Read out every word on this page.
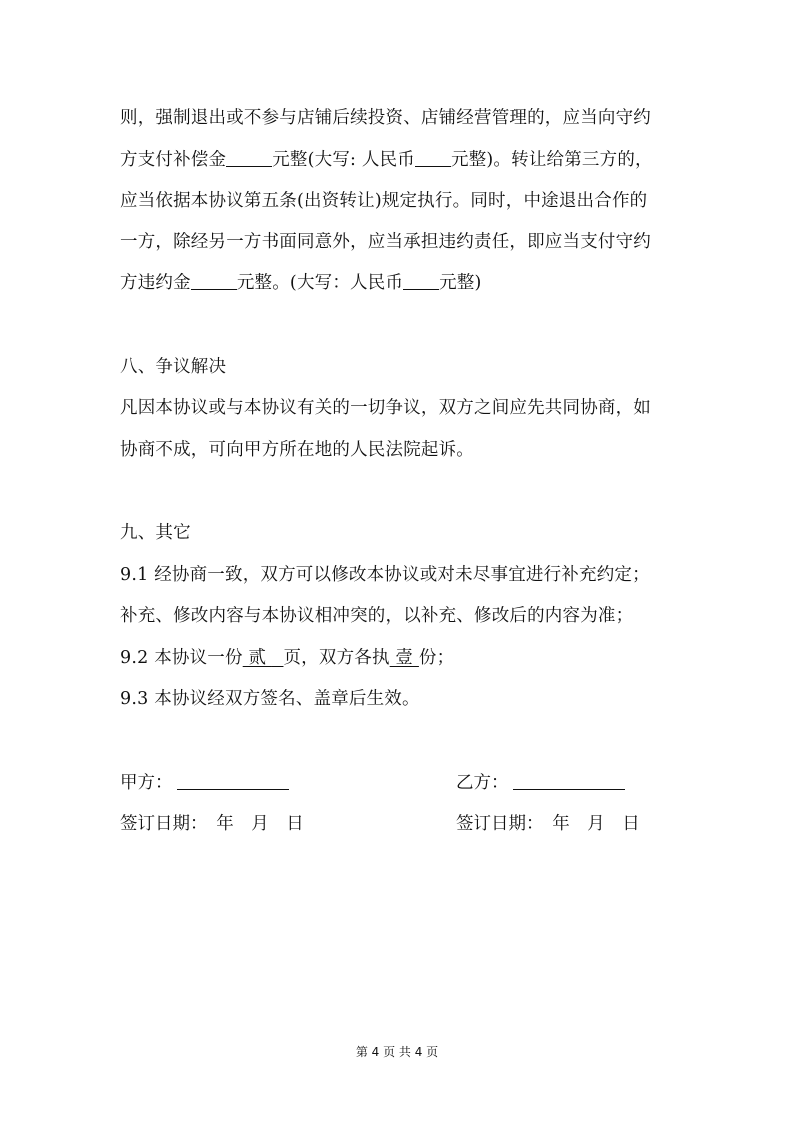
则，强制退出或不参与店铺后续投资、店铺经营管理的，应当向守约
方支付补偿金	元整(大写: 人民币 元整)。转让给第三方的，
应当依据本协议第五条(出资转让)规定执行。同时，中途退出合作的
一方，除经另一方书面同意外，应当承担违约责任，即应当支付守约
方违约金	元整。(大写：人民币 元整)
八、争议解决
凡因本协议或与本协议有关的一切争议，双方之间应先共同协商，如
协商不成，可向甲方所在地的人民法院起诉。
九、其它
9.1 经协商一致，双方可以修改本协议或对未尽事宜进行补充约定；
补充、修改内容与本协议相冲突的，以补充、修改后的内容为准；
9.2 本协议一份 贰   页，双方各执 壹 份；
9.3 本协议经双方签名、盖章后生效。
甲方：	乙方：
签订日期：　年　月　日	签订日期：　年　月　日
第 4 页 共 4 页
